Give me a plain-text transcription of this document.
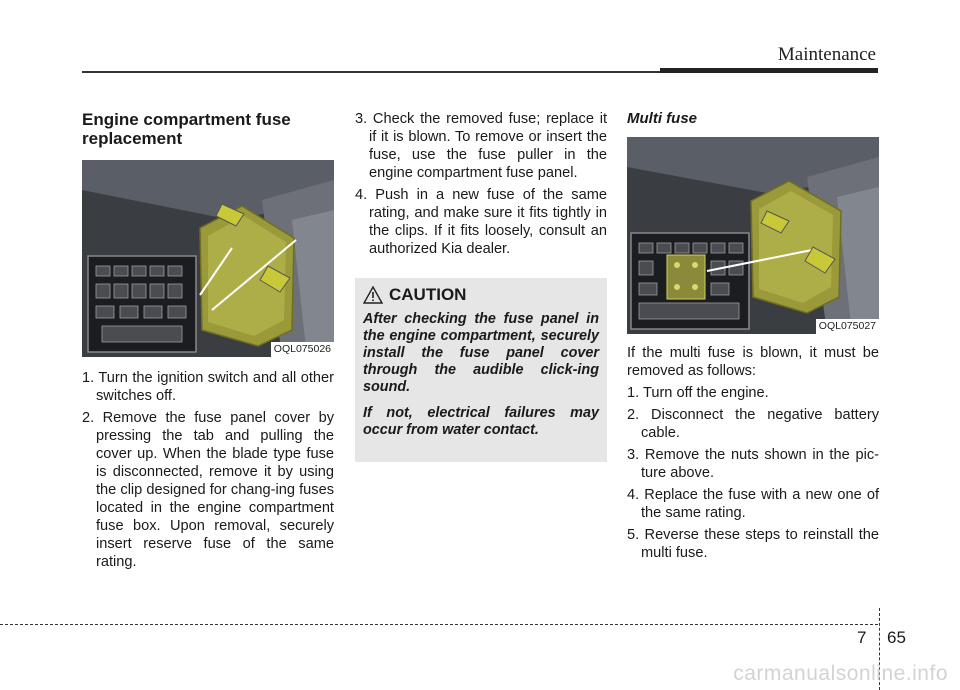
Maintenance
Engine compartment fuse replacement
OQL075026
1. Turn the ignition switch and all other switches off.
2. Remove the fuse panel cover by pressing the tab and pulling the cover up. When the blade type fuse is disconnected, remove it by using the clip designed for chang-ing fuses located in the engine compartment fuse box. Upon removal, securely insert reserve fuse of the same rating.
3. Check the removed fuse; replace it if it is blown. To remove or insert the fuse, use the fuse puller in the engine compartment fuse panel.
4. Push in a new fuse of the same rating, and make sure it fits tightly in the clips. If it fits loosely, consult an authorized Kia dealer.
CAUTION

After checking the fuse panel in the engine compartment, securely install the fuse panel cover through the audible click-ing sound.

If not, electrical failures may occur from water contact.

Multi fuse
OQL075027

If the multi fuse is blown, it must be removed as follows:

1. Turn off the engine.
2. Disconnect the negative battery cable.
3. Remove the nuts shown in the pic-ture above.
4. Replace the fuse with a new one of the same rating.
5. Reverse these steps to reinstall the multi fuse.
7 65
carmanualsonline.info
